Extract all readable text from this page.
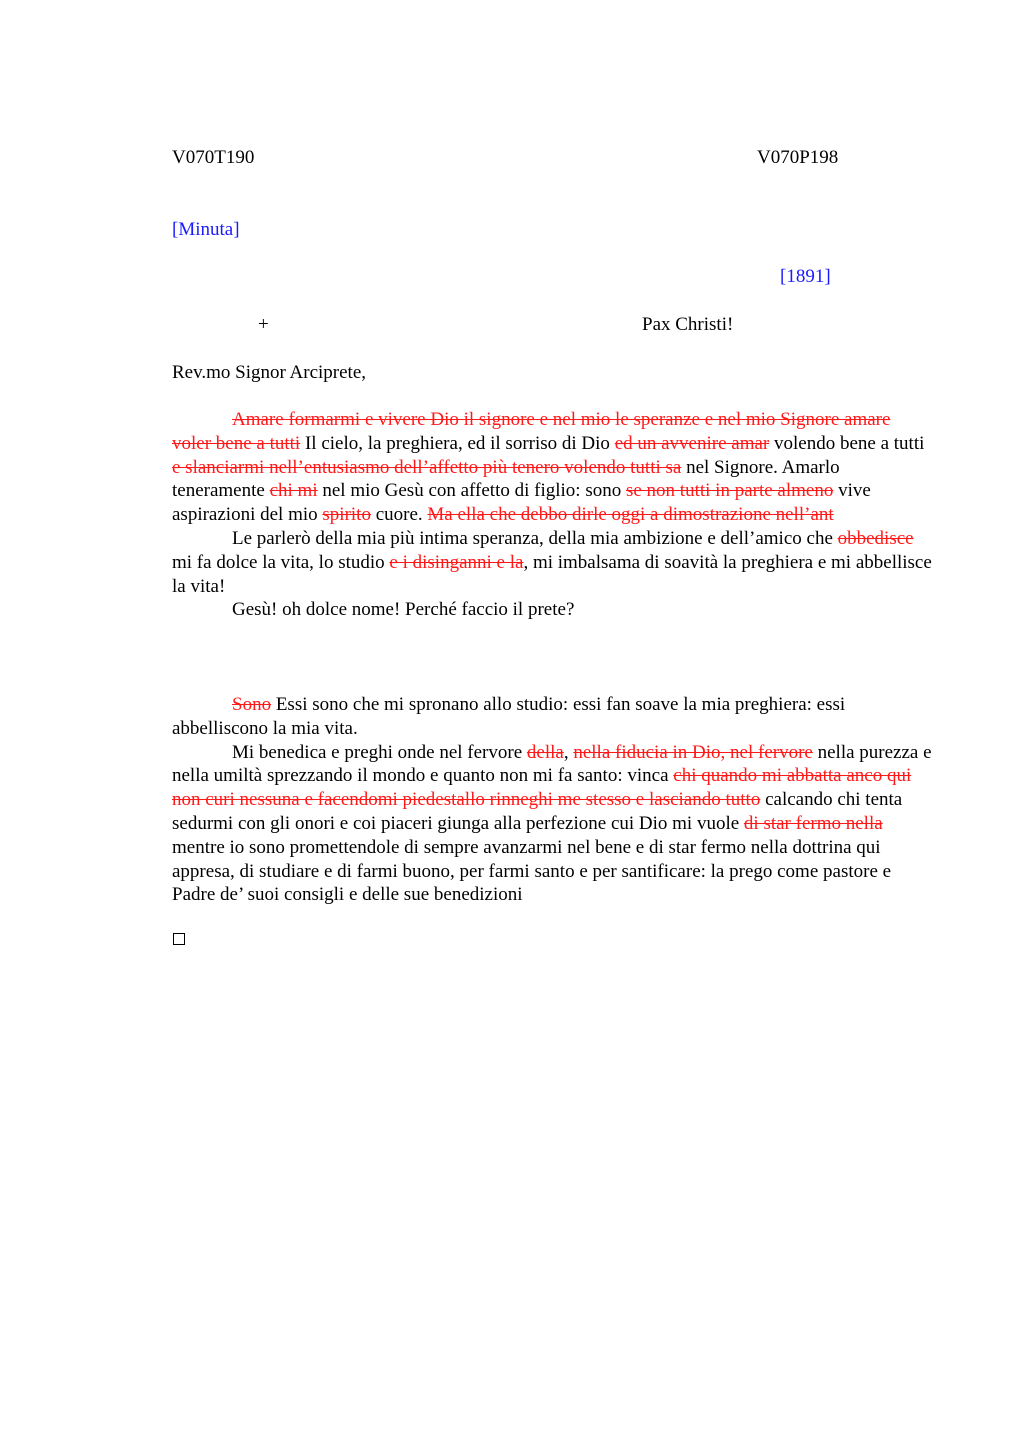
V070T190	V070P198
[Minuta]
[1891]
+	Pax Christi!
Rev.mo Signor Arciprete,
Amare formarmi e vivere Dio il signore e nel mio le speranze e nel mio Signore amare voler bene a tutti Il cielo, la preghiera, ed il sorriso di Dio ed un avvenire amar volendo bene a tutti e slanciarmi nell’entusiasmo dell’affetto più tenero volendo tutti sa nel Signore. Amarlo teneramente chi mi nel mio Gesù con affetto di figlio: sono se non tutti in parte almeno vive aspirazioni del mio spirito cuore. Ma ella che debbo dirle oggi a dimostrazione nell’ant
Le parlerò della mia più intima speranza, della mia ambizione e dell’amico che obbedisce mi fa dolce la vita, lo studio e i disinganni e la, mi imbalsama di soavità la preghiera e mi abbellisce la vita!
Gesù! oh dolce nome! Perché faccio il prete?
Sono Essi sono che mi spronano allo studio: essi fan soave la mia preghiera: essi abbelliscono la mia vita.
Mi benedica e preghi onde nel fervore della, nella fiducia in Dio, nel fervore nella purezza e nella umiltà sprezzando il mondo e quanto non mi fa santo: vinca chi quando mi abbatta anco qui non curi nessuna e facendomi piedestallo rinneghi me stesso e lasciando tutto calcando chi tenta sedurmi con gli onori e coi piaceri giunga alla perfezione cui Dio mi vuole di star fermo nella mentre io sono promettendole di sempre avanzarmi nel bene e di star fermo nella dottrina qui appresa, di studiare e di farmi buono, per farmi santo e per santificare: la prego come pastore e Padre de’ suoi consigli e delle sue benedizioni
